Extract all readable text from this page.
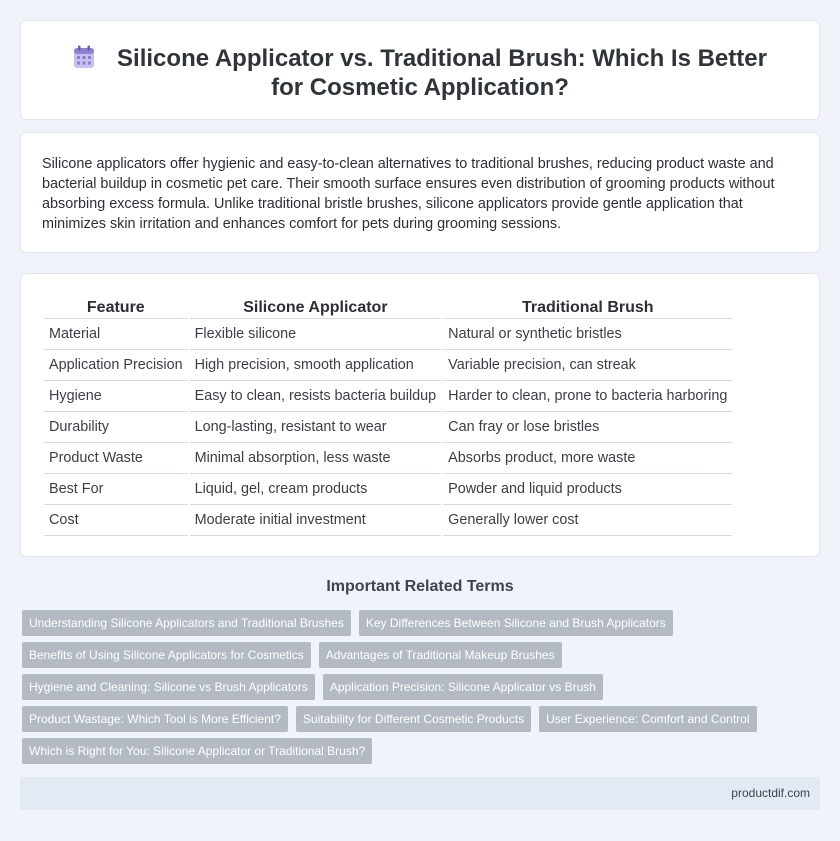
Silicone Applicator vs. Traditional Brush: Which Is Better for Cosmetic Application?

Silicone applicators offer hygienic and easy-to-clean alternatives to traditional brushes, reducing product waste and bacterial buildup in cosmetic pet care. Their smooth surface ensures even distribution of grooming products without absorbing excess formula. Unlike traditional bristle brushes, silicone applicators provide gentle application that minimizes skin irritation and enhances comfort for pets during grooming sessions.

Feature	Silicone Applicator	Traditional Brush
Material	Flexible silicone	Natural or synthetic bristles
Application Precision	High precision, smooth application	Variable precision, can streak
Hygiene	Easy to clean, resists bacteria buildup	Harder to clean, prone to bacteria harboring
Durability	Long-lasting, resistant to wear	Can fray or lose bristles
Product Waste	Minimal absorption, less waste	Absorbs product, more waste
Best For	Liquid, gel, cream products	Powder and liquid products
Cost	Moderate initial investment	Generally lower cost
Important Related Terms
Understanding Silicone Applicators and Traditional Brushes	Key Differences Between Silicone and Brush Applicators
Benefits of Using Silicone Applicators for Cosmetics	Advantages of Traditional Makeup Brushes
Hygiene and Cleaning: Silicone vs Brush Applicators	Application Precision: Silicone Applicator vs Brush
Product Wastage: Which Tool is More Efficient?	Suitability for Different Cosmetic Products	User Experience: Comfort and Control
Which is Right for You: Silicone Applicator or Traditional Brush?
productdif.com
